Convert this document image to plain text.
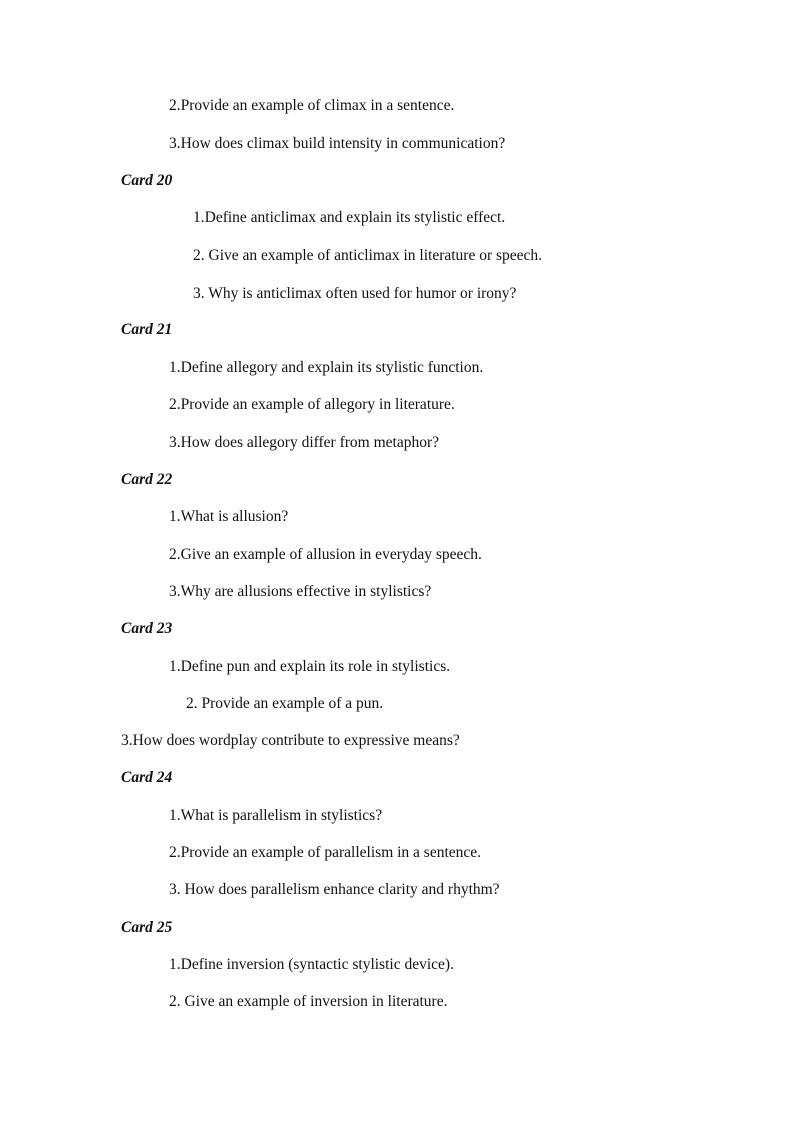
2.Provide an example of climax in a sentence.
3.How does climax build intensity in communication?
Card 20
1.Define anticlimax and explain its stylistic effect.
2. Give an example of anticlimax in literature or speech.
3. Why is anticlimax often used for humor or irony?
Card 21
1.Define allegory and explain its stylistic function.
2.Provide an example of allegory in literature.
3.How does allegory differ from metaphor?
Card 22
1.What is allusion?
2.Give an example of allusion in everyday speech.
3.Why are allusions effective in stylistics?
Card 23
1.Define pun and explain its role in stylistics.
2. Provide an example of a pun.
3.How does wordplay contribute to expressive means?
Card 24
1.What is parallelism in stylistics?
2.Provide an example of parallelism in a sentence.
3. How does parallelism enhance clarity and rhythm?
Card 25
1.Define inversion (syntactic stylistic device).
2. Give an example of inversion in literature.
